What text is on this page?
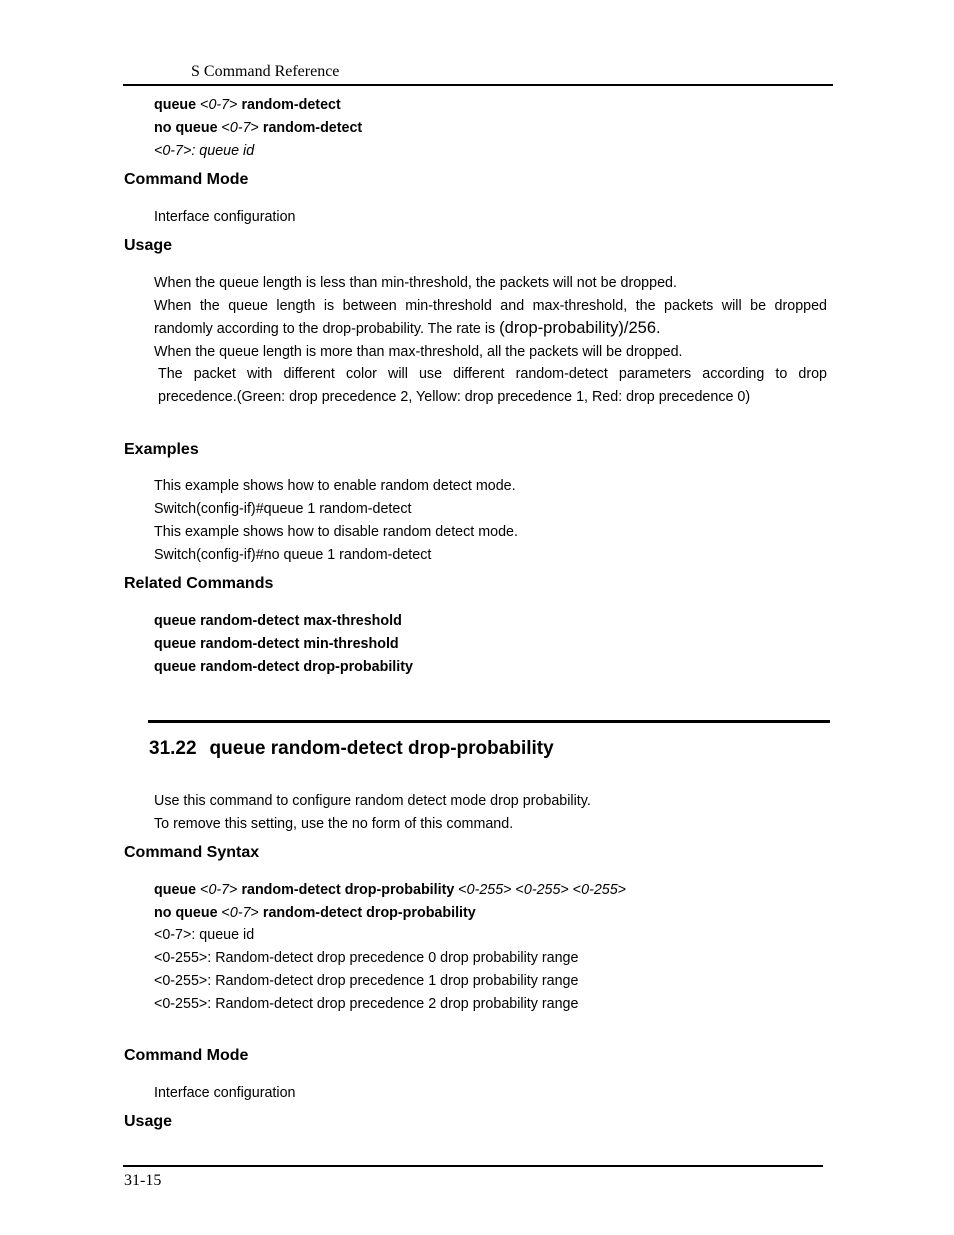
S Command Reference
queue <0-7> random-detect
no queue <0-7> random-detect
<0-7>: queue id
Command Mode
Interface configuration
Usage
When the queue length is less than min-threshold, the packets will not be dropped.
When the queue length is between min-threshold and max-threshold, the packets will be dropped
randomly according to the drop-probability. The rate is (drop-probability)/256.
When the queue length is more than max-threshold, all the packets will be dropped.
The packet with different color will use different random-detect parameters according to drop
precedence.(Green: drop precedence 2, Yellow: drop precedence 1, Red: drop precedence 0)
Examples
This example shows how to enable random detect mode.
Switch(config-if)#queue 1 random-detect
This example shows how to disable random detect mode.
Switch(config-if)#no queue 1 random-detect
Related Commands
queue random-detect max-threshold
queue random-detect min-threshold
queue random-detect drop-probability
31.22 queue random-detect drop-probability
Use this command to configure random detect mode drop probability.
To remove this setting, use the no form of this command.
Command Syntax
queue <0-7> random-detect drop-probability <0-255> <0-255> <0-255>
no queue <0-7> random-detect drop-probability
<0-7>: queue id
<0-255>: Random-detect drop precedence 0 drop probability range
<0-255>: Random-detect drop precedence 1 drop probability range
<0-255>: Random-detect drop precedence 2 drop probability range
Command Mode
Interface configuration
Usage
31-15
